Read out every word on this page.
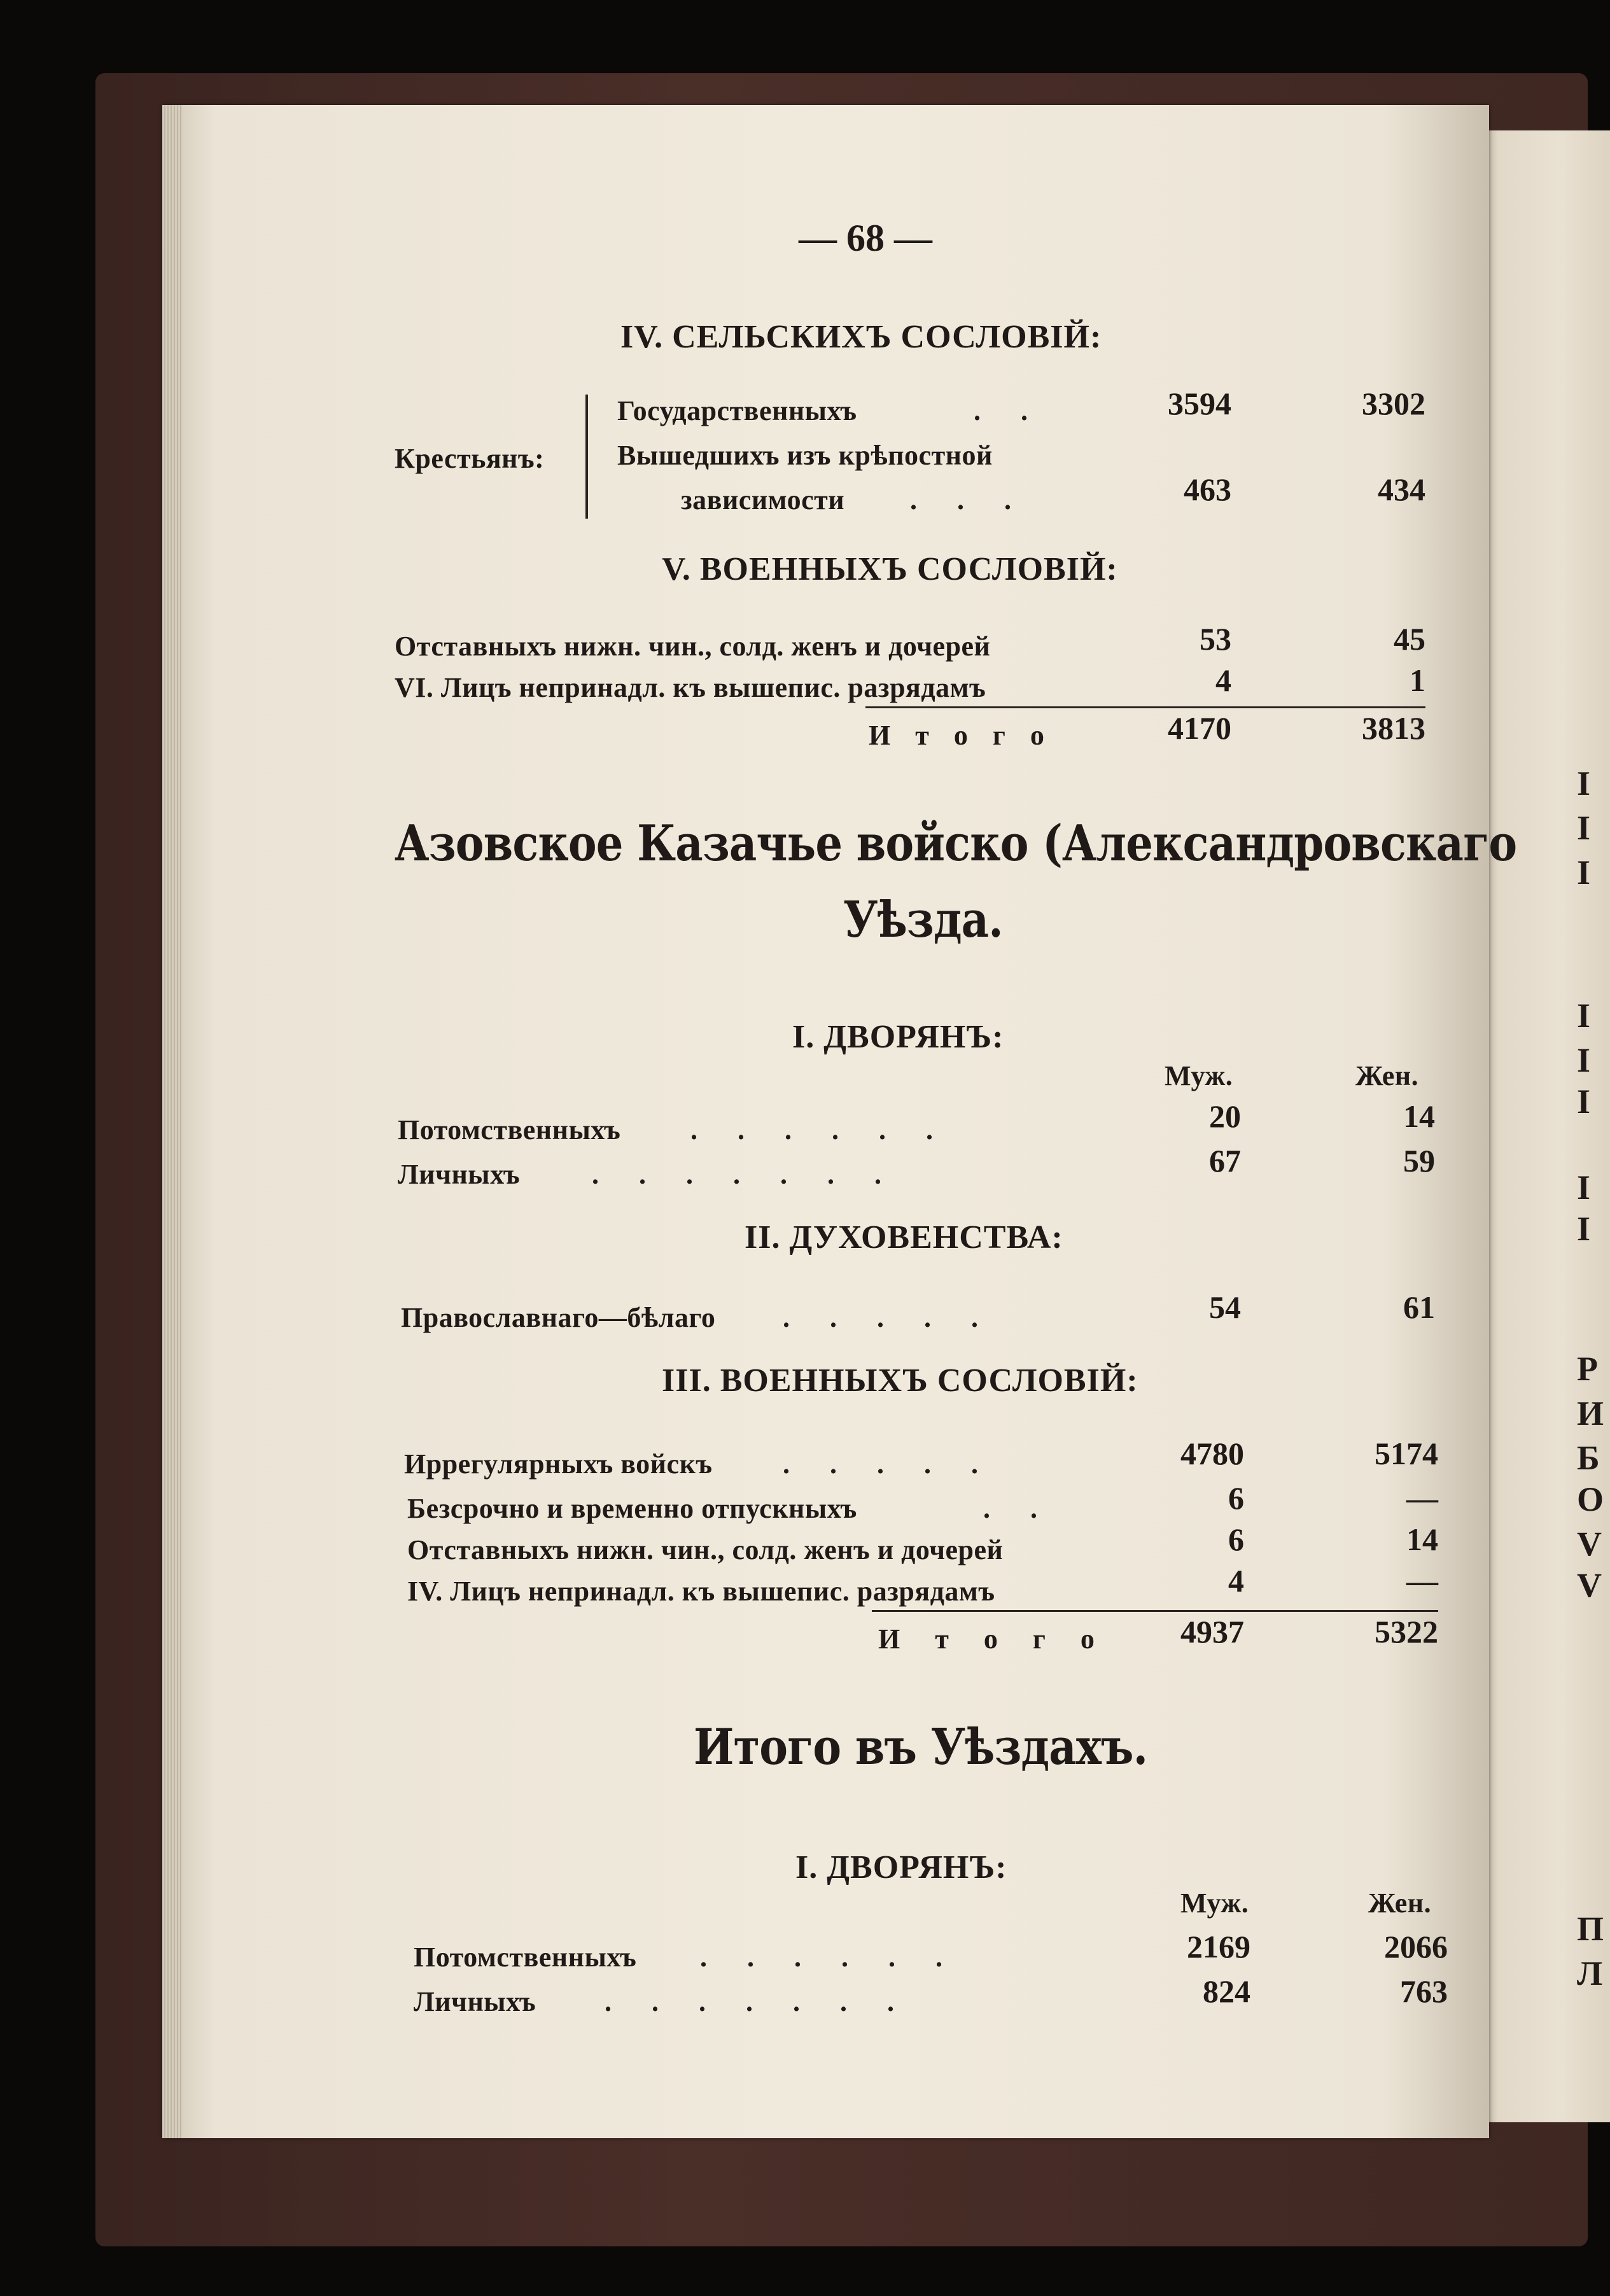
I
I
I
I
I
I
I
I
Р
И
Б
О
V
V
П
Л
— 68 —
IV. СЕЛЬСКИХЪ СОСЛОВІЙ:
Крестьянъ:
Государственныхъ	. .	3594	3302
Вышедшихъ изъ крѣпостной
зависимости . . .	463	434
V. ВОЕННЫХЪ СОСЛОВІЙ:
Отставныхъ нижн. чин., солд. женъ и дочерей	53	45
VI. Лицъ непринадл. къ вышепис. разрядамъ	4	1
И т о г о	4170	3813
Азовское Казачье войско (Александровскаго
Уѣзда.
I. ДВОРЯНЪ:
Муж.	Жен.
Потомственныхъ . . . . . .	20	14
Личныхъ	. . . . . . .	67	59
II. ДУХОВЕНСТВА:
Православнаго—бѣлаго . . . . .	54	61
III. ВОЕННЫХЪ СОСЛОВІЙ:
Иррегулярныхъ войскъ	. . . . .	4780	5174
Безсрочно и временно отпускныхъ	. .	6	—
Отставныхъ нижн. чин., солд. женъ и дочерей	6	14
IV. Лицъ непринадл. къ вышепис. разрядамъ	4	—
И т о г о	4937	5322
Итого въ Уѣздахъ.
I. ДВОРЯНЪ:
Муж.	Жен.
Потомственныхъ . . . . . .	2169	2066
Личныхъ . . . . . . .	824	763
